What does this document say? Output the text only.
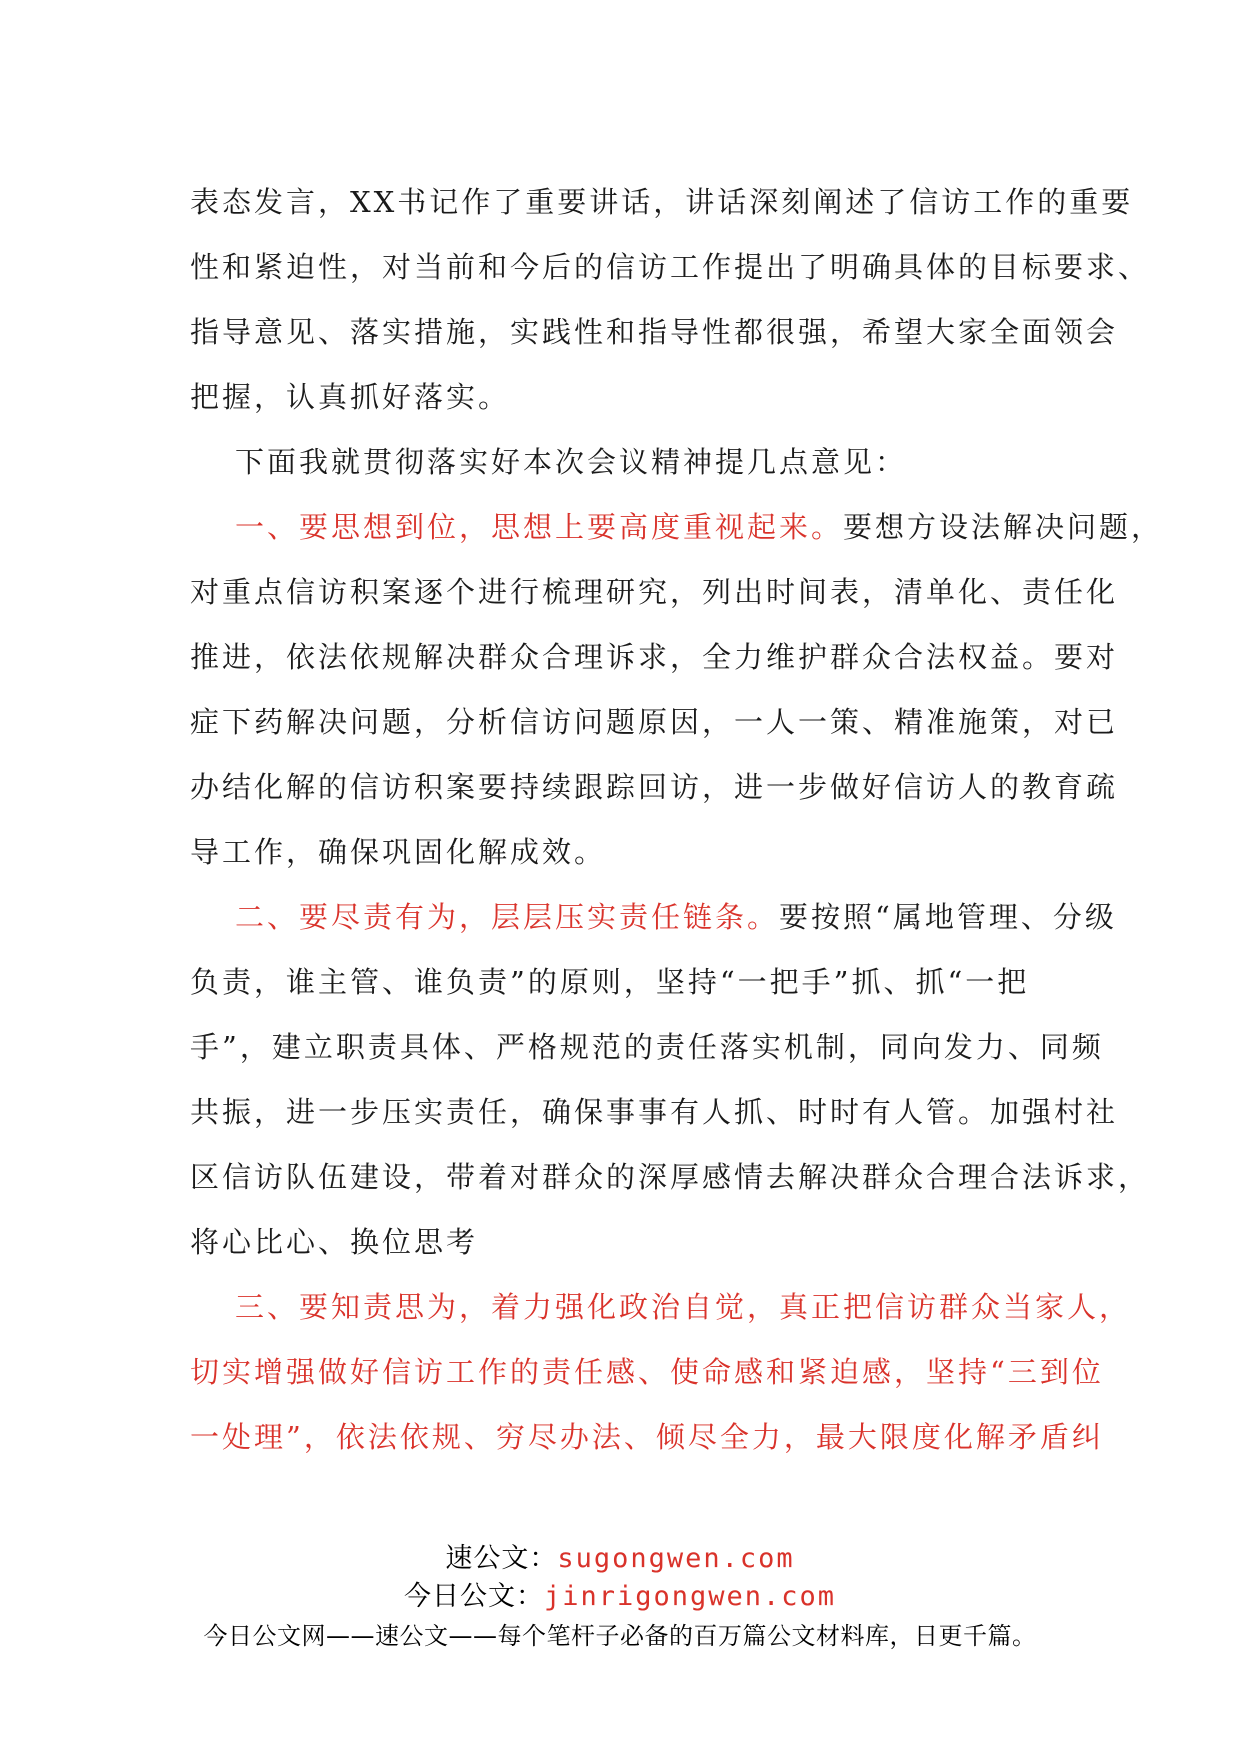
表态发言，XX书记作了重要讲话，讲话深刻阐述了信访工作的重要
性和紧迫性，对当前和今后的信访工作提出了明确具体的目标要求、
指导意见、落实措施，实践性和指导性都很强，希望大家全面领会
把握，认真抓好落实。
下面我就贯彻落实好本次会议精神提几点意见：
一、要思想到位，思想上要高度重视起来。要想方设法解决问题，
对重点信访积案逐个进行梳理研究，列出时间表，清单化、责任化
推进，依法依规解决群众合理诉求，全力维护群众合法权益。要对
症下药解决问题，分析信访问题原因，一人一策、精准施策，对已
办结化解的信访积案要持续跟踪回访，进一步做好信访人的教育疏
导工作，确保巩固化解成效。
二、要尽责有为，层层压实责任链条。要按照“属地管理、分级
负责，谁主管、谁负责”的原则，坚持“一把手”抓、抓“一把
手”，建立职责具体、严格规范的责任落实机制，同向发力、同频
共振，进一步压实责任，确保事事有人抓、时时有人管。加强村社
区信访队伍建设，带着对群众的深厚感情去解决群众合理合法诉求，
将心比心、换位思考
三、要知责思为，着力强化政治自觉，真正把信访群众当家人，
切实增强做好信访工作的责任感、使命感和紧迫感，坚持“三到位
一处理”，依法依规、穷尽办法、倾尽全力，最大限度化解矛盾纠
速公文：sugongwen.com
今日公文：jinrigongwen.com
今日公文网——速公文——每个笔杆子必备的百万篇公文材料库，日更千篇。
